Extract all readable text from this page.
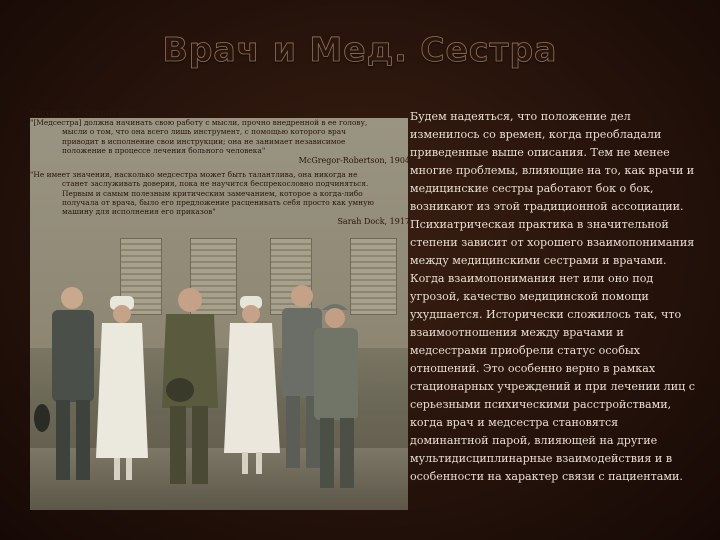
Врач и Мед. Сестра

"ОСОБОЕ" ОТНОШЕНИЕ

"[Медсестра] должна начинать свою работу с мысли, прочно внедренной в ее голову,

мысли о том, что она всего лишь инструмент, с помощью которого врач

приводит в исполнение свои инструкции; она не занимает независимое

положение в процессе лечения больного человека"

McGregor-Robertson, 1904

"Не имеет значения, насколько медсестра может быть талантлива, она никогда не

станет заслуживать доверия, пока не научится беспрекословно подчиняться.

Первым и самым полезным критическим замечанием, которое а когда-либо

получала от врача, было его предложение расценивать себя просто как умную

машину для исполнения его приказов"

Sarah Dock, 1917

Будем надеяться, что положение дел
изменилось со времен, когда преобладали
приведенные выше описания. Тем не менее
многие проблемы, влияющие на то, как врачи и
медицинские сестры работают бок о бок,
возникают из этой традиционной ассоциации.
Психиатрическая практика в значительной
степени зависит от хорошего взаимопонимания
между медицинскими сестрами и врачами.
Когда взаимопонимания нет или оно под
угрозой, качество медицинской помощи
ухудшается. Исторически сложилось так, что
взаимоотношения между врачами и
медсестрами приобрели статус особых
отношений. Это особенно верно в рамках
стационарных учреждений и при лечении лиц с
серьезными психическими расстройствами,
когда врач и медсестра становятся
доминантной парой, влияющей на другие
мультидисциплинарные взаимодействия и в
особенности на характер связи с пациентами.
